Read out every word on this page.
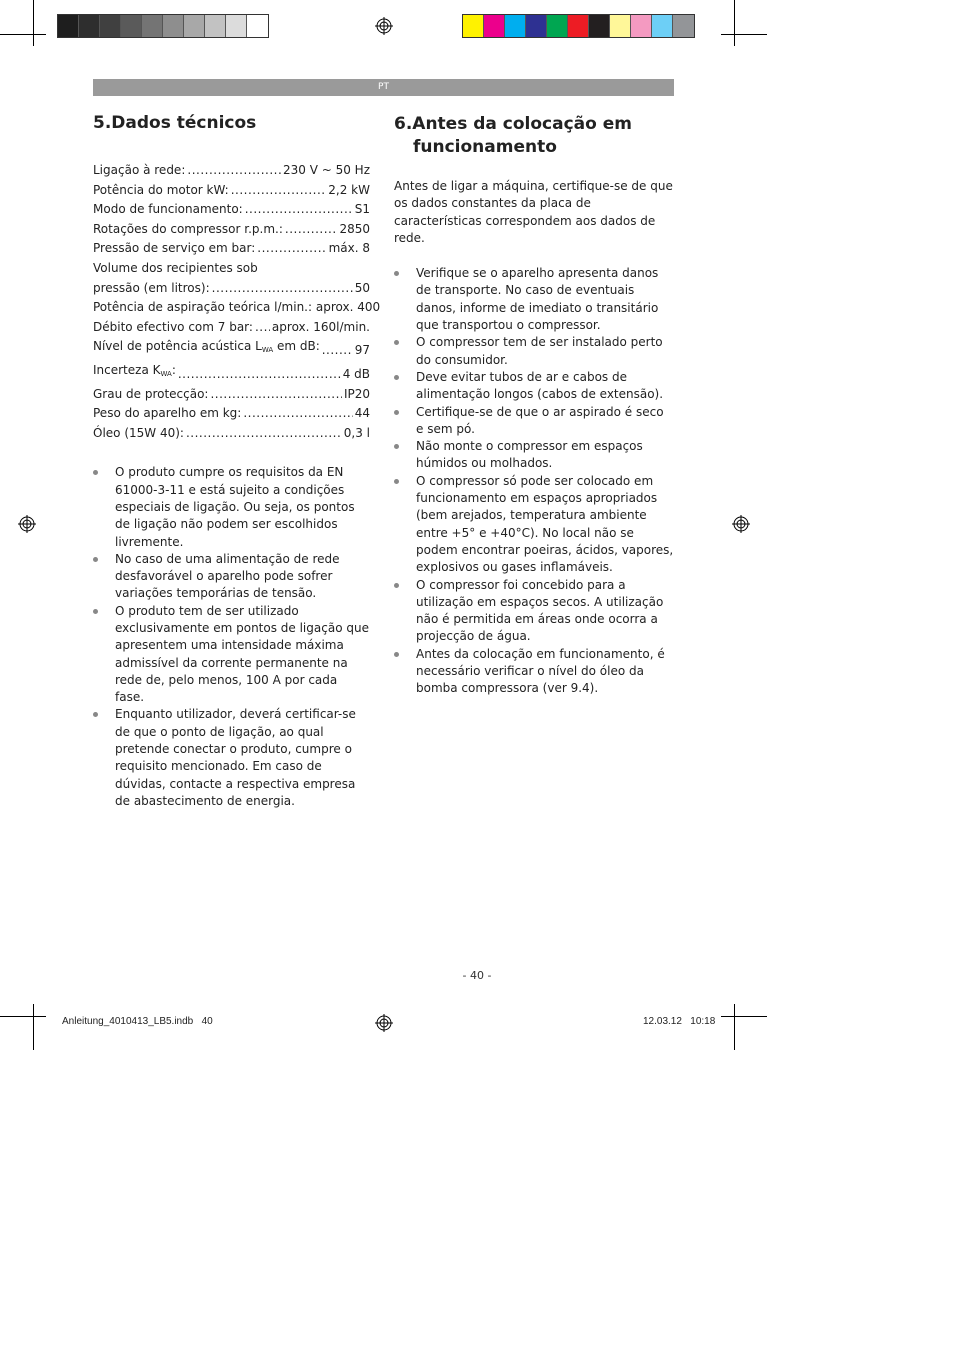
PT
5.Dados técnicos
Ligação à rede: .....	230 V ~ 50 Hz
Potência do motor kW: .....	2,2 kW
Modo de funcionamento: .....	S1
Rotações do compressor r.p.m.: .....	2850
Pressão de serviço em bar: .....	máx. 8
Volume dos recipientes sob
pressão (em litros): .....	50
Potência de aspiração teórica l/min.: aprox. 400
Débito efectivo com 7 bar: ..... aprox. 160l/min.
Nível de potência acústica $L_{WA}$ em dB: .....	97
Incerteza $K_{WA}$: .....	4 dB
Grau de protecção: .....	IP20
Peso do aparelho em kg: .....	44
Óleo (15W 40): .....	0,3 l
O produto cumpre os requisitos da EN 61000-3-11 e está sujeito a condições especiais de ligação. Ou seja, os pontos de ligação não podem ser escolhidos livremente.
No caso de uma alimentação de rede desfavorável o aparelho pode sofrer variações temporárias de tensão.
O produto tem de ser utilizado exclusivamente em pontos de ligação que apresentem uma intensidade máxima admissível da corrente permanente na rede de, pelo menos, 100 A por cada fase.
Enquanto utilizador, deverá certificar-se de que o ponto de ligação, ao qual pretende conectar o produto, cumpre o requisito mencionado. Em caso de dúvidas, contacte a respectiva empresa de abastecimento de energia.
6.Antes da colocação em
funcionamento
Antes de ligar a máquina, certifique-se de que os dados constantes da placa de características correspondem aos dados de rede.
Verifique se o aparelho apresenta danos de transporte. No caso de eventuais danos, informe de imediato o transitário que transportou o compressor.
O compressor tem de ser instalado perto do consumidor.
Deve evitar tubos de ar e cabos de alimentação longos (cabos de extensão).
Certifique-se de que o ar aspirado é seco e sem pó.
Não monte o compressor em espaços húmidos ou molhados.
O compressor só pode ser colocado em funcionamento em espaços apropriados (bem arejados, temperatura ambiente entre +5° e +40°C). No local não se podem encontrar poeiras, ácidos, vapores, explosivos ou gases inflamáveis.
O compressor foi concebido para a utilização em espaços secos. A utilização não é permitida em áreas onde ocorra a projecção de água.
Antes da colocação em funcionamento, é necessário verificar o nível do óleo da bomba compressora (ver 9.4).
- 40 -
Anleitung_4010413_LB5.indb   40	12.03.12   10:18
